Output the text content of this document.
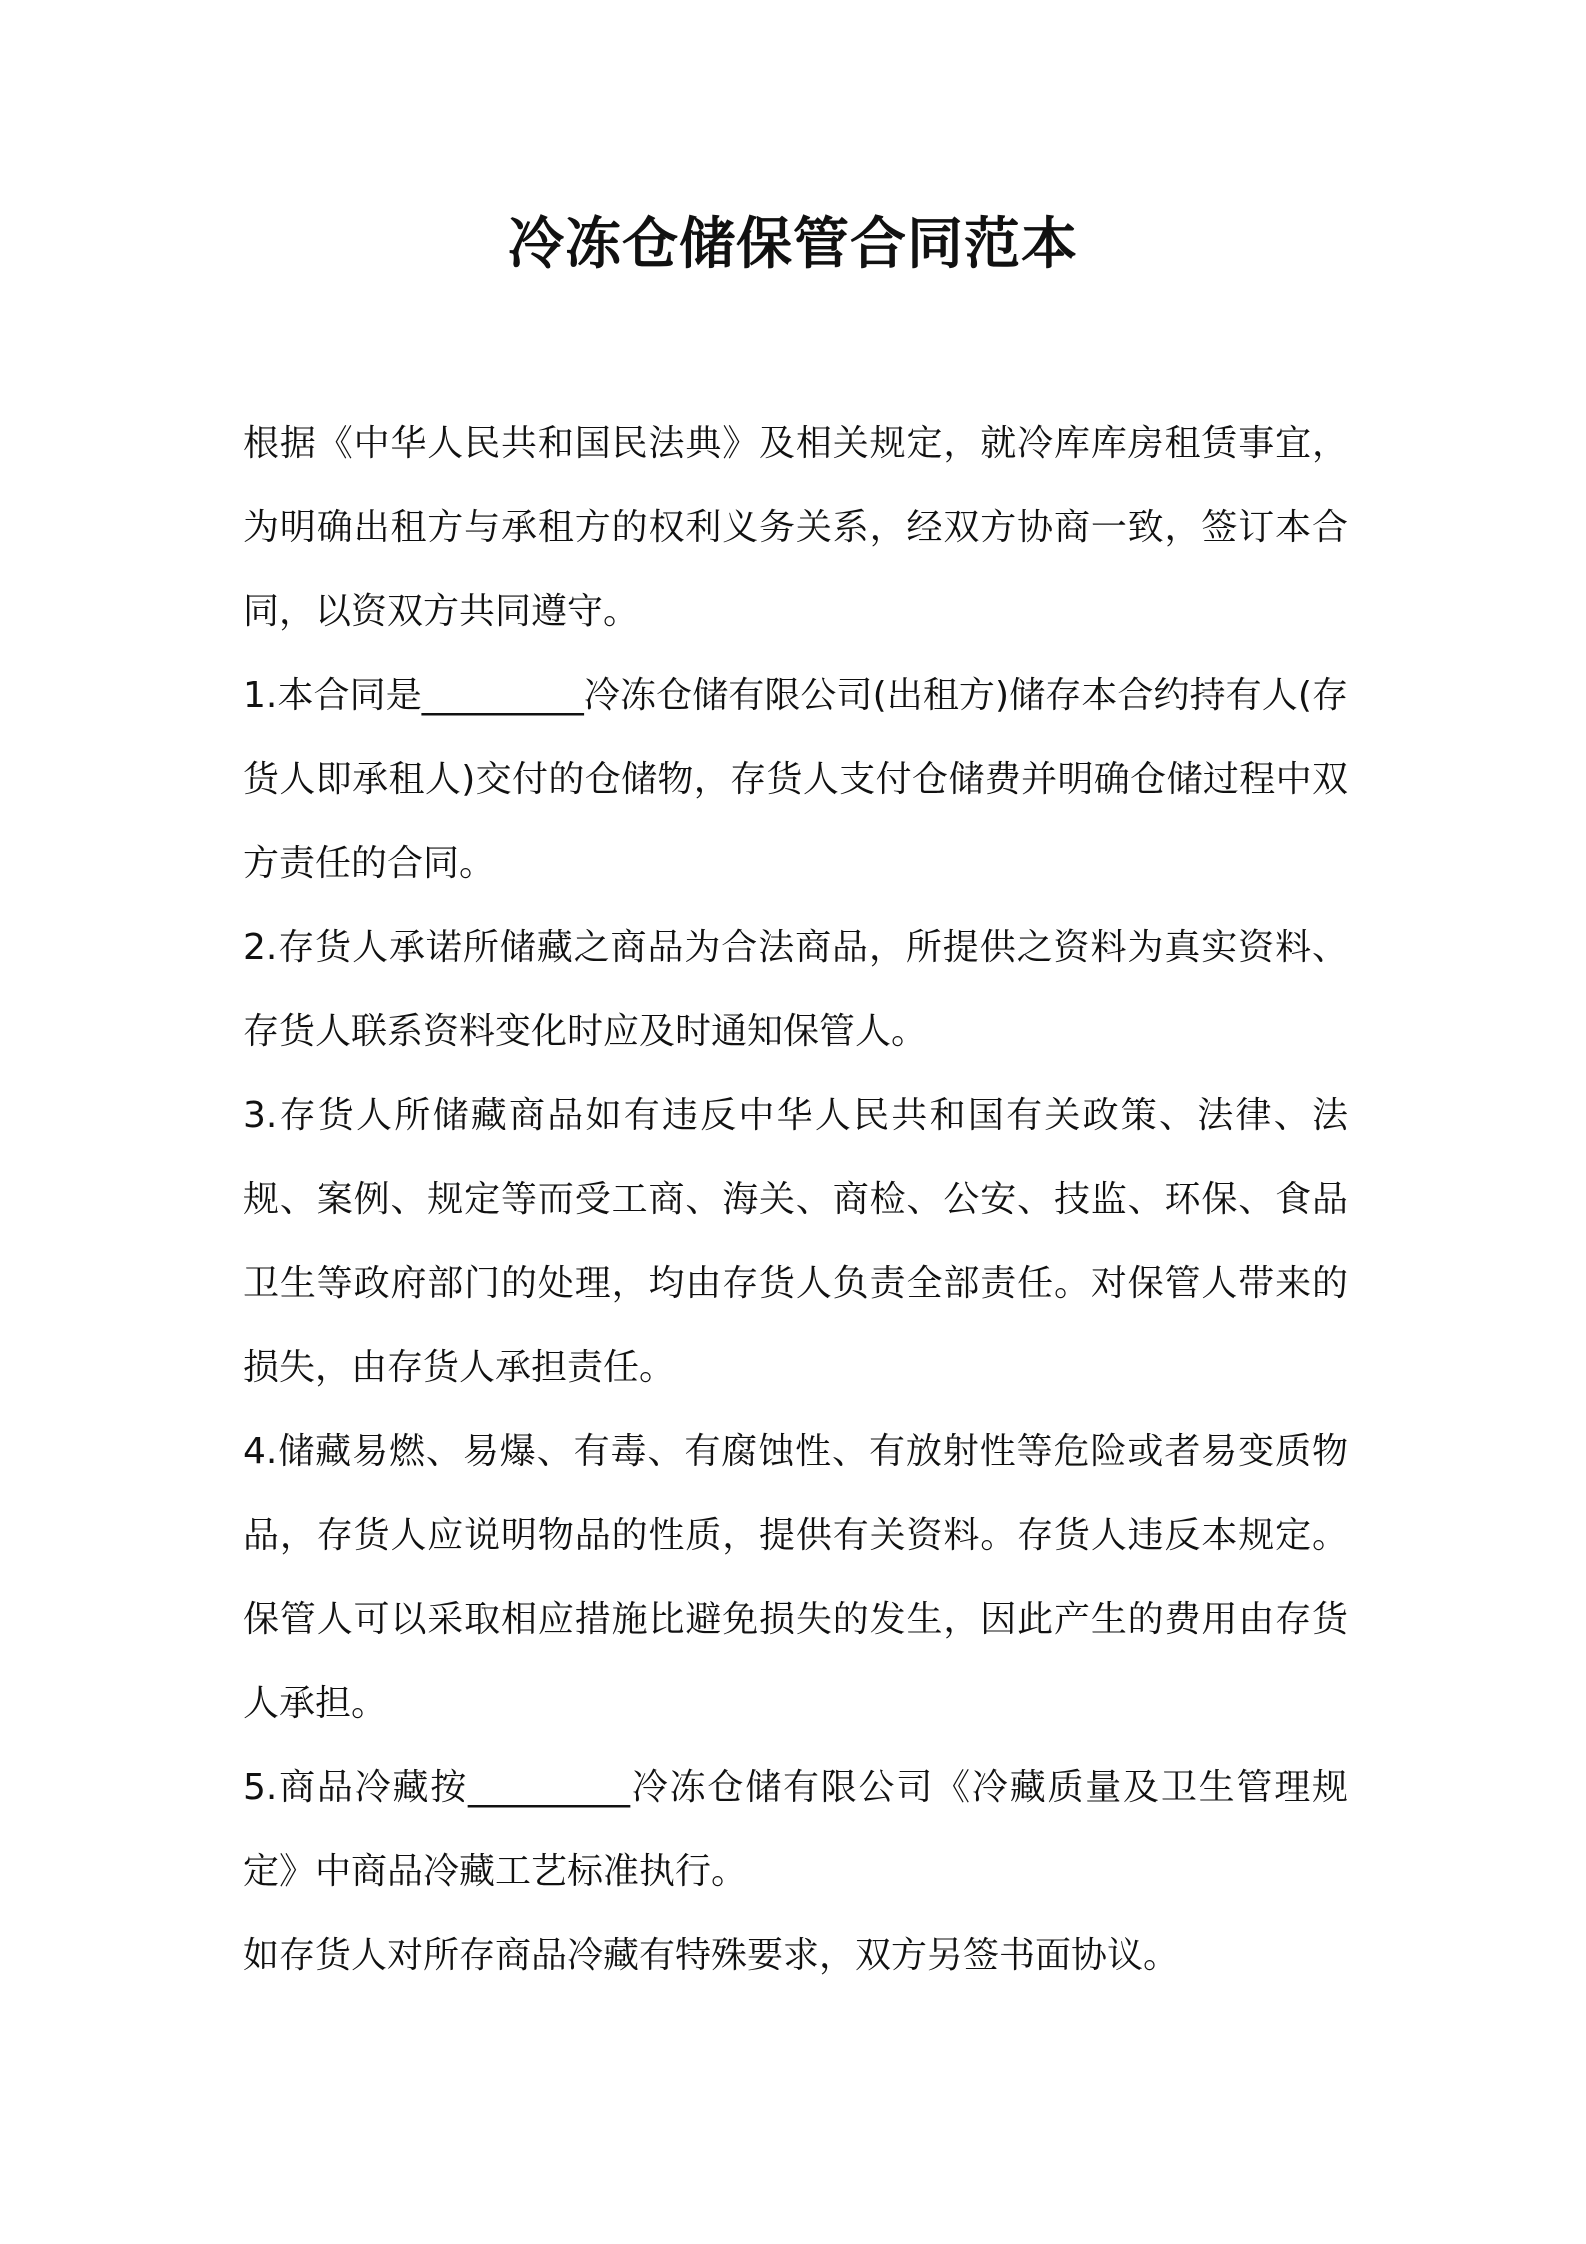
冷冻仓储保管合同范本

根据《中华人民共和国民法典》及相关规定，就冷库库房租赁事宜，为明确出租方与承租方的权利义务关系，经双方协商一致，签订本合同，以资双方共同遵守。

1.本合同是_________冷冻仓储有限公司(出租方)储存本合约持有人(存货人即承租人)交付的仓储物，存货人支付仓储费并明确仓储过程中双方责任的合同。

2.存货人承诺所储藏之商品为合法商品，所提供之资料为真实资料、存货人联系资料变化时应及时通知保管人。

3.存货人所储藏商品如有违反中华人民共和国有关政策、法律、法规、案例、规定等而受工商、海关、商检、公安、技监、环保、食品卫生等政府部门的处理，均由存货人负责全部责任。对保管人带来的损失，由存货人承担责任。

4.储藏易燃、易爆、有毒、有腐蚀性、有放射性等危险或者易变质物品，存货人应说明物品的性质，提供有关资料。存货人违反本规定。保管人可以采取相应措施比避免损失的发生，因此产生的费用由存货人承担。

5.商品冷藏按_________冷冻仓储有限公司《冷藏质量及卫生管理规定》中商品冷藏工艺标准执行。

如存货人对所存商品冷藏有特殊要求，双方另签书面协议。
